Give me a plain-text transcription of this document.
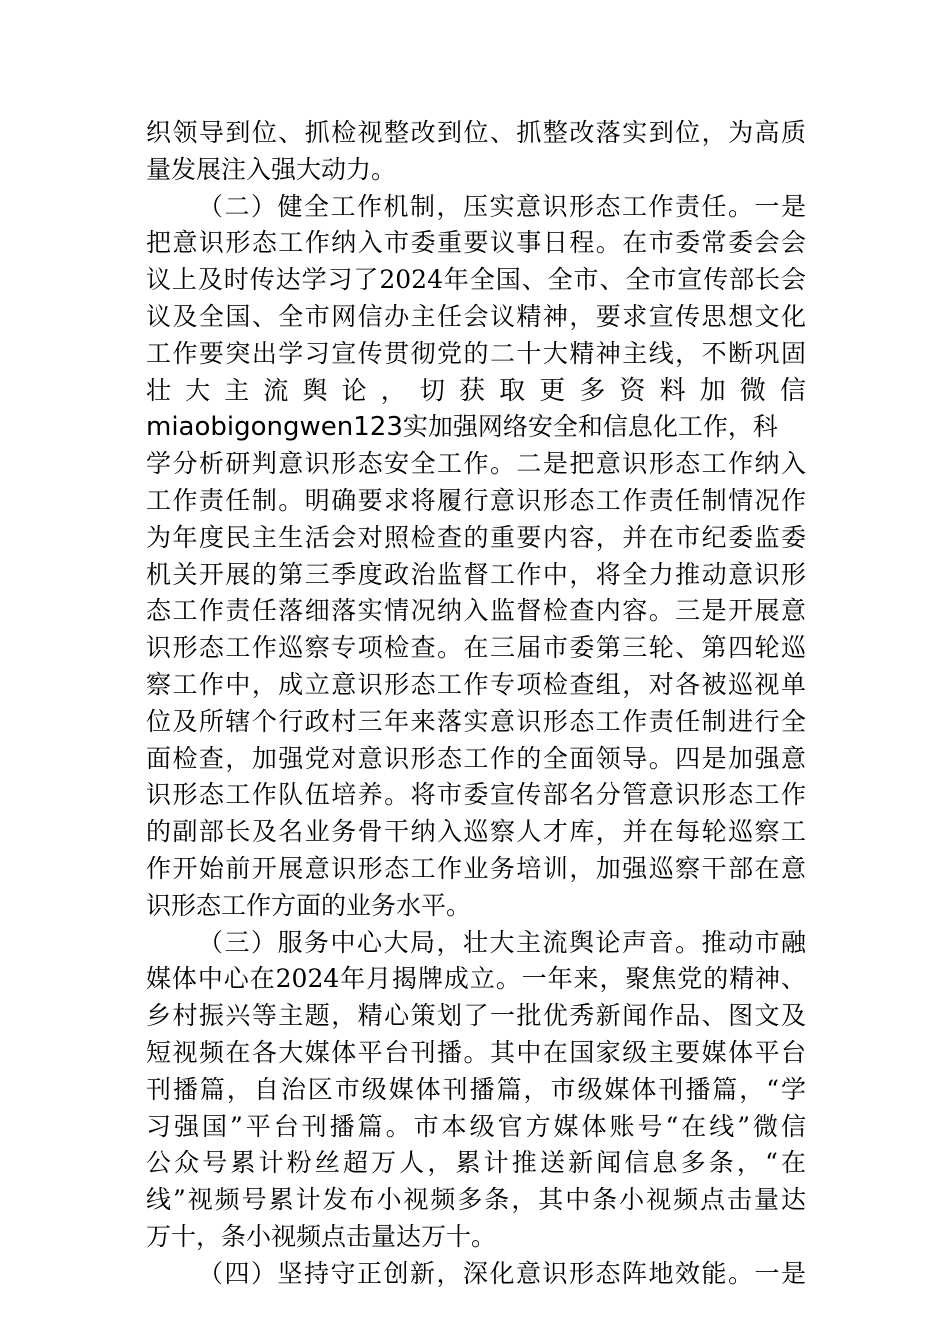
织领导到位、抓检视整改到位、抓整改落实到位，为高质
量发展注入强大动力。
（二）健全工作机制，压实意识形态工作责任。一是
把意识形态工作纳入市委重要议事日程。在市委常委会会
议上及时传达学习了2024年全国、全市、全市宣传部长会
议及全国、全市网信办主任会议精神，要求宣传思想文化
工作要突出学习宣传贯彻党的二十大精神主线，不断巩固
壮大主流舆论，切获取更多资料加微信
miaobigongwen123实加强网络安全和信息化工作，科
学分析研判意识形态安全工作。二是把意识形态工作纳入
工作责任制。明确要求将履行意识形态工作责任制情况作
为年度民主生活会对照检查的重要内容，并在市纪委监委
机关开展的第三季度政治监督工作中，将全力推动意识形
态工作责任落细落实情况纳入监督检查内容。三是开展意
识形态工作巡察专项检查。在三届市委第三轮、第四轮巡
察工作中，成立意识形态工作专项检查组，对各被巡视单
位及所辖个行政村三年来落实意识形态工作责任制进行全
面检查，加强党对意识形态工作的全面领导。四是加强意
识形态工作队伍培养。将市委宣传部名分管意识形态工作
的副部长及名业务骨干纳入巡察人才库，并在每轮巡察工
作开始前开展意识形态工作业务培训，加强巡察干部在意
识形态工作方面的业务水平。
（三）服务中心大局，壮大主流舆论声音。推动市融
媒体中心在2024年月揭牌成立。一年来，聚焦党的精神、
乡村振兴等主题，精心策划了一批优秀新闻作品、图文及
短视频在各大媒体平台刊播。其中在国家级主要媒体平台
刊播篇，自治区市级媒体刊播篇，市级媒体刊播篇，“学
习强国”平台刊播篇。市本级官方媒体账号“在线”微信
公众号累计粉丝超万人，累计推送新闻信息多条，“在
线”视频号累计发布小视频多条，其中条小视频点击量达
万十，条小视频点击量达万十。
（四）坚持守正创新，深化意识形态阵地效能。一是
